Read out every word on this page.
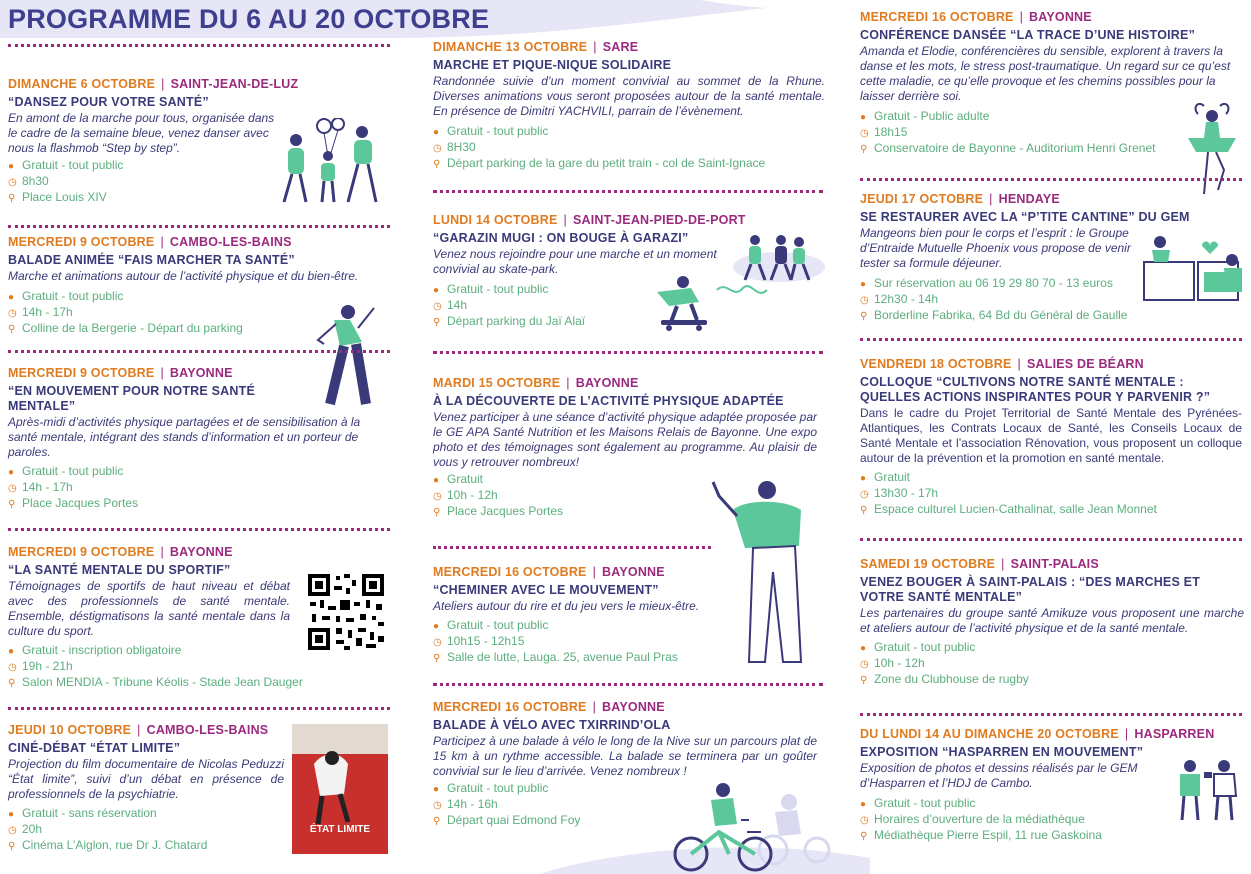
PROGRAMME DU 6 AU 20 OCTOBRE
DIMANCHE 6 OCTOBRE | SAINT-JEAN-DE-LUZ
“DANSEZ POUR VOTRE SANTÉ”
En amont de la marche pour tous, organisée dans le cadre de la semaine bleue, venez danser avec nous la flashmob “Step by step”.
● Gratuit - tout public
◷ 8h30
⚲ Place Louis XIV
MERCREDI 9 OCTOBRE | CAMBO-LES-BAINS
BALADE ANIMÉE “FAIS MARCHER TA SANTÉ”
Marche et animations autour de l’activité physique et du bien-être.
● Gratuit - tout public
◷ 14h - 17h
⚲ Colline de la Bergerie - Départ du parking
MERCREDI 9 OCTOBRE | BAYONNE
“EN MOUVEMENT POUR NOTRE SANTÉ MENTALE”
Après-midi d’activités physique partagées et de sensibilisation à la santé mentale, intégrant des stands d’information et un porteur de paroles.
● Gratuit - tout public
◷ 14h - 17h
⚲ Place Jacques Portes
MERCREDI 9 OCTOBRE | BAYONNE
“LA SANTÉ MENTALE DU SPORTIF”
Témoignages de sportifs de haut niveau et débat avec des professionnels de santé mentale. Ensemble, déstigmatisons la santé mentale dans la culture du sport.
● Gratuit - inscription obligatoire
◷ 19h - 21h
⚲ Salon MENDIA - Tribune Kéolis - Stade Jean Dauger
JEUDI 10 OCTOBRE | CAMBO-LES-BAINS
CINÉ-DÉBAT “ÉTAT LIMITE”
Projection du film documentaire de Nicolas Peduzzi “État limite”, suivi d’un débat en présence de professionnels de la psychiatrie.
● Gratuit - sans réservation
◷ 20h
⚲ Cinéma L’Aiglon, rue Dr J. Chatard
ÉTAT LIMITE
DIMANCHE 13 OCTOBRE | SARE
MARCHE ET PIQUE-NIQUE SOLIDAIRE
Randonnée suivie d’un moment convivial au sommet de la Rhune. Diverses animations vous seront proposées autour de la santé mentale. En présence de Dimitri YACHVILI, parrain de l’évènement.
● Gratuit - tout public
◷ 8H30
⚲ Départ parking de la gare du petit train - col de Saint-Ignace
LUNDI 14 OCTOBRE | SAINT-JEAN-PIED-DE-PORT
“GARAZIN MUGI : ON BOUGE À GARAZI”
Venez nous rejoindre pour une marche et un moment convivial au skate-park.
● Gratuit - tout public
◷ 14h
⚲ Départ parking du Jaï Alaï
MARDI 15 OCTOBRE | BAYONNE
À LA DÉCOUVERTE DE L’ACTIVITÉ PHYSIQUE ADAPTÉE
Venez participer à une séance d’activité physique adaptée proposée par le GE APA Santé Nutrition et les Maisons Relais de Bayonne. Une expo photo et des témoignages sont également au programme. Au plaisir de vous y retrouver nombreux!
● Gratuit
◷ 10h - 12h
⚲ Place Jacques Portes
MERCREDI 16 OCTOBRE | BAYONNE
“CHEMINER AVEC LE MOUVEMENT”
Ateliers autour du rire et du jeu vers le mieux-être.
● Gratuit - tout public
◷ 10h15 - 12h15
⚲ Salle de lutte, Lauga. 25, avenue Paul Pras
MERCREDI 16 OCTOBRE | BAYONNE
BALADE À VÉLO AVEC TXIRRIND’OLA
Participez à une balade à vélo le long de la Nive sur un parcours plat de 15 km à un rythme accessible. La balade se terminera par un goûter convivial sur le lieu d’arrivée. Venez nombreux !
● Gratuit - tout public
◷ 14h - 16h
⚲ Départ quai Edmond Foy
MERCREDI 16 OCTOBRE | BAYONNE
CONFÉRENCE DANSÉE “LA TRACE D’UNE HISTOIRE”
Amanda et Elodie, conférencières du sensible, explorent à travers la danse et les mots, le stress post-traumatique. Un regard sur ce qu’est cette maladie, ce qu’elle provoque et les chemins possibles pour la laisser derrière soi.
● Gratuit - Public adulte
◷ 18h15
⚲ Conservatoire de Bayonne - Auditorium Henri Grenet
JEUDI 17 OCTOBRE | HENDAYE
SE RESTAURER AVEC LA “P’TITE CANTINE” DU GEM
Mangeons bien pour le corps et l’esprit : le Groupe d’Entraide Mutuelle Phoenix vous propose de venir tester sa formule déjeuner.
● Sur réservation au 06 19 29 80 70 - 13 euros
◷ 12h30 - 14h
⚲ Borderline Fabrika, 64 Bd du Général de Gaulle
VENDREDI 18 OCTOBRE | SALIES DE BÉARN
COLLOQUE “CULTIVONS NOTRE SANTÉ MENTALE : QUELLES ACTIONS INSPIRANTES POUR Y PARVENIR ?”
Dans le cadre du Projet Territorial de Santé Mentale des Pyrénées-Atlantiques, les Contrats Locaux de Santé, les Conseils Locaux de Santé Mentale et l’association Rénovation, vous proposent un colloque autour de la prévention et la promotion en santé mentale.
● Gratuit
◷ 13h30 - 17h
⚲ Espace culturel Lucien-Cathalinat, salle Jean Monnet
SAMEDI 19 OCTOBRE | SAINT-PALAIS
VENEZ BOUGER À SAINT-PALAIS : “DES MARCHES ET VOTRE SANTÉ MENTALE”
Les partenaires du groupe santé Amikuze vous proposent une marche et ateliers autour de l’activité physique et de la santé mentale.
● Gratuit - tout public
◷ 10h - 12h
⚲ Zone du Clubhouse de rugby
DU LUNDI 14 AU DIMANCHE 20 OCTOBRE | HASPARREN
EXPOSITION “HASPARREN EN MOUVEMENT”
Exposition de photos et dessins réalisés par le GEM d’Hasparren et l’HDJ de Cambo.
● Gratuit - tout public
◷ Horaires d’ouverture de la médiathèque
⚲ Médiathèque Pierre Espil, 11 rue Gaskoina
